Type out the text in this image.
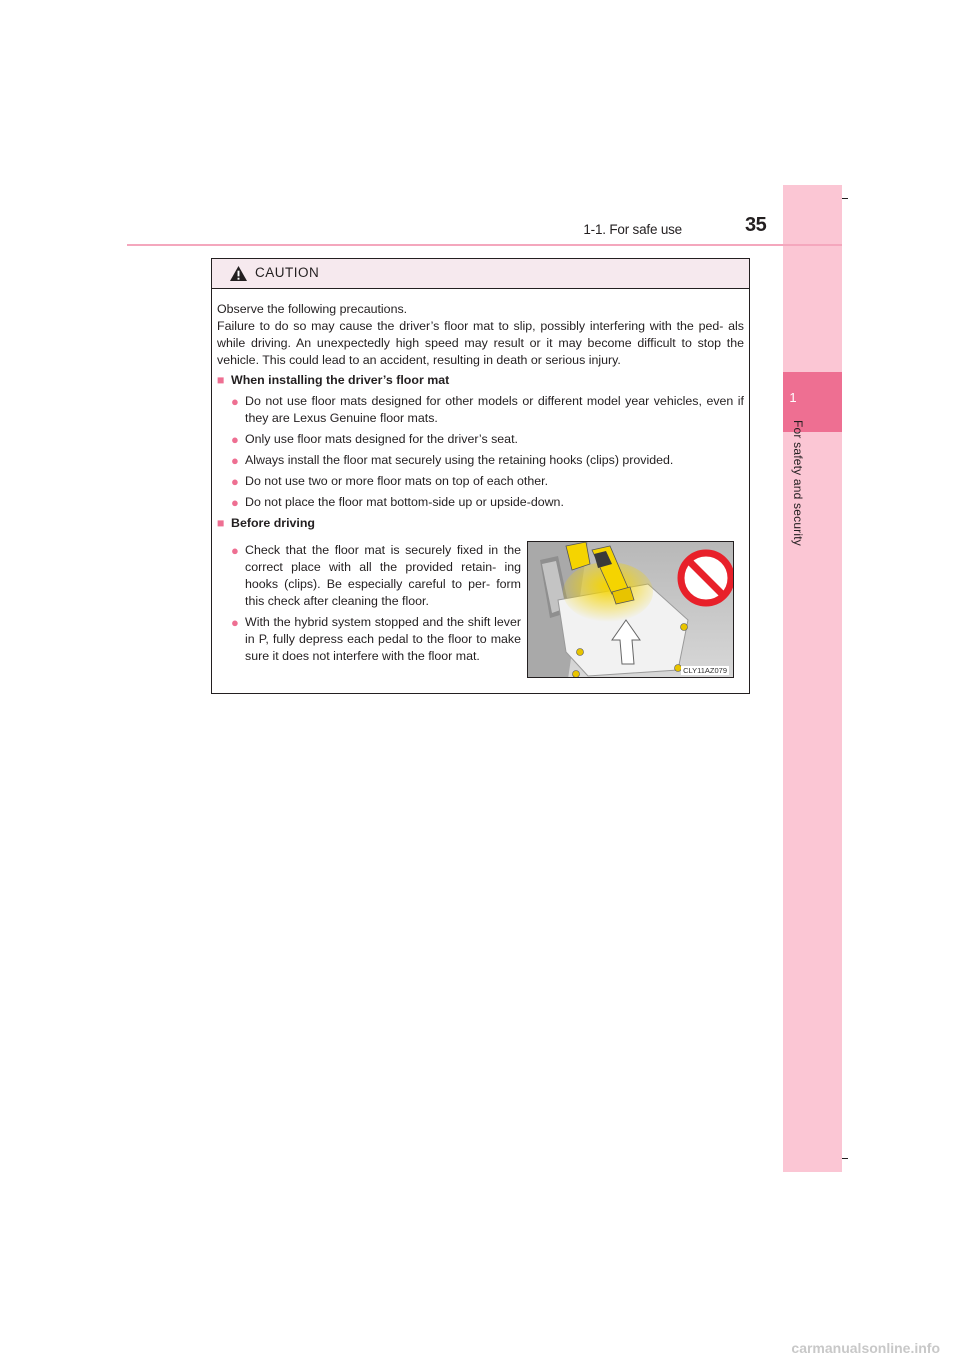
1
For safety and security
1-1. For safe use	35
CAUTION

Observe the following precautions.

Failure to do so may cause the driver’s floor mat to slip, possibly interfering with the ped- als while driving. An unexpectedly high speed may result or it may become difficult to stop the vehicle. This could lead to an accident, resulting in death or serious injury.

■ When installing the driver’s floor mat

● Do not use floor mats designed for other models or different model year vehicles, even if they are Lexus Genuine floor mats.
● Only use floor mats designed for the driver’s seat.
● Always install the floor mat securely using the retaining hooks (clips) provided.
● Do not use two or more floor mats on top of each other.
● Do not place the floor mat bottom-side up or upside-down.

■ Before driving

● Check that the floor mat is securely fixed in the correct place with all the provided retain- ing hooks (clips). Be especially careful to per- form this check after cleaning the floor.
● With the hybrid system stopped and the shift lever in P, fully depress each pedal to the floor to make sure it does not interfere with the floor mat.
CLY11AZ079
carmanualsonline.info
